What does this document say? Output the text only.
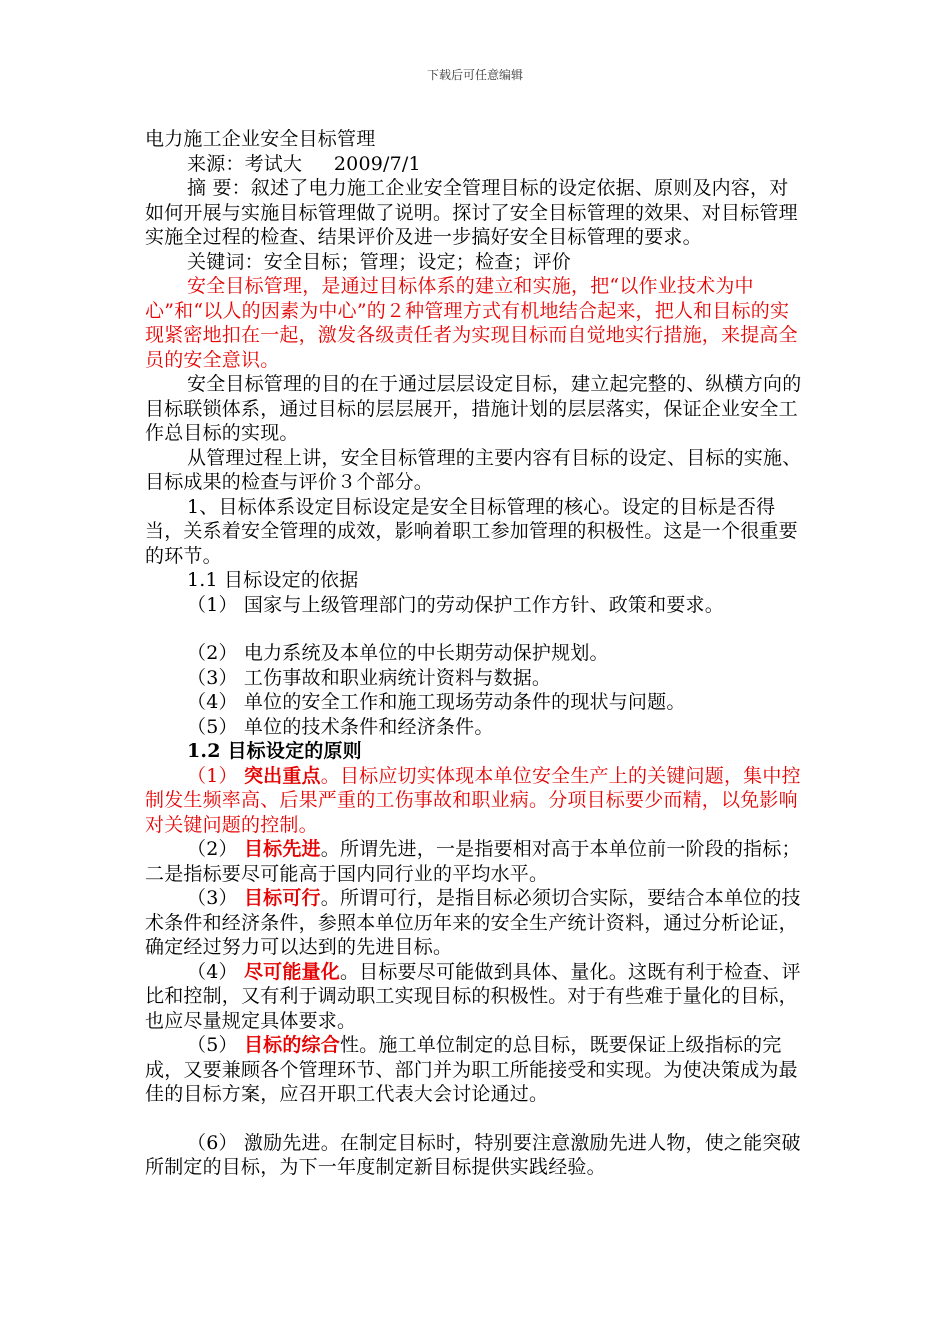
下载后可任意编辑

电力施工企业安全目标管理

来源：考试大 　 2009/7/1

摘 要：叙述了电力施工企业安全管理目标的设定依据、原则及内容，对如何开展与实施目标管理做了说明。探讨了安全目标管理的效果、对目标管理实施全过程的检查、结果评价及进一步搞好安全目标管理的要求。

关键词：安全目标；管理；设定；检查；评价

安全目标管理，是通过目标体系的建立和实施，把“以作业技术为中心”和“以人的因素为中心”的２种管理方式有机地结合起来，把人和目标的实现紧密地扣在一起，激发各级责任者为实现目标而自觉地实行措施，来提高全员的安全意识。

安全目标管理的目的在于通过层层设定目标，建立起完整的、纵横方向的目标联锁体系，通过目标的层层展开，措施计划的层层落实，保证企业安全工作总目标的实现。

从管理过程上讲，安全目标管理的主要内容有目标的设定、目标的实施、目标成果的检查与评价３个部分。

1、目标体系设定目标设定是安全目标管理的核心。设定的目标是否得当，关系着安全管理的成效，影响着职工参加管理的积极性。这是一个很重要的环节。

1.1 目标设定的依据

（1） 国家与上级管理部门的劳动保护工作方针、政策和要求。

（2） 电力系统及本单位的中长期劳动保护规划。

（3） 工伤事故和职业病统计资料与数据。

（4） 单位的安全工作和施工现场劳动条件的现状与问题。

（5） 单位的技术条件和经济条件。

1.2 目标设定的原则

（1） 突出重点。目标应切实体现本单位安全生产上的关键问题，集中控制发生频率高、后果严重的工伤事故和职业病。分项目标要少而精，以免影响对关键问题的控制。

（2） 目标先进。所谓先进，一是指要相对高于本单位前一阶段的指标；二是指标要尽可能高于国内同行业的平均水平。

（3） 目标可行。所谓可行，是指目标必须切合实际，要结合本单位的技术条件和经济条件，参照本单位历年来的安全生产统计资料，通过分析论证，确定经过努力可以达到的先进目标。

（4） 尽可能量化。目标要尽可能做到具体、量化。这既有利于检查、评比和控制，又有利于调动职工实现目标的积极性。对于有些难于量化的目标，也应尽量规定具体要求。

（5） 目标的综合性。施工单位制定的总目标，既要保证上级指标的完成，又要兼顾各个管理环节、部门并为职工所能接受和实现。为使决策成为最佳的目标方案，应召开职工代表大会讨论通过。

（6） 激励先进。在制定目标时，特别要注意激励先进人物，使之能突破所制定的目标，为下一年度制定新目标提供实践经验。
